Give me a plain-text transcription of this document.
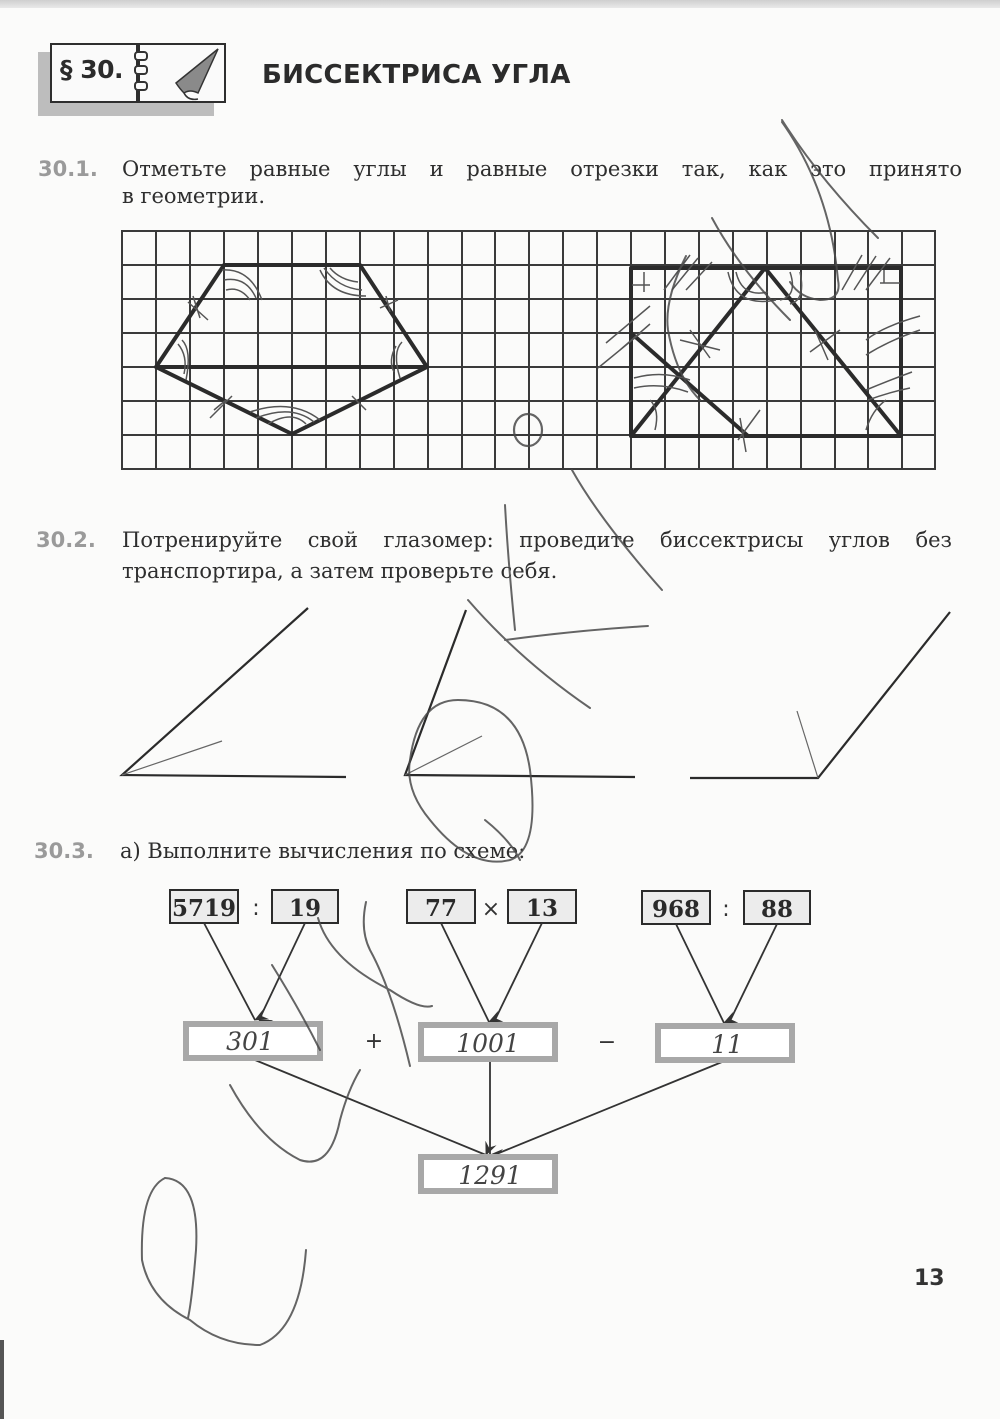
§ 30.	БИССЕКТРИСА УГЛА
30.1. Отметьте равные углы и равные отрезки так, как это принято
в геометрии.
30.2. Потренируйте свой глазомер: проведите биссектрисы углов без
транспортира, а затем проверьте себя.
30.3. а) Выполните вычисления по схеме:
13
5719 : 19	77 × 13	968 : 88
301	+	1001	−	11
1291
